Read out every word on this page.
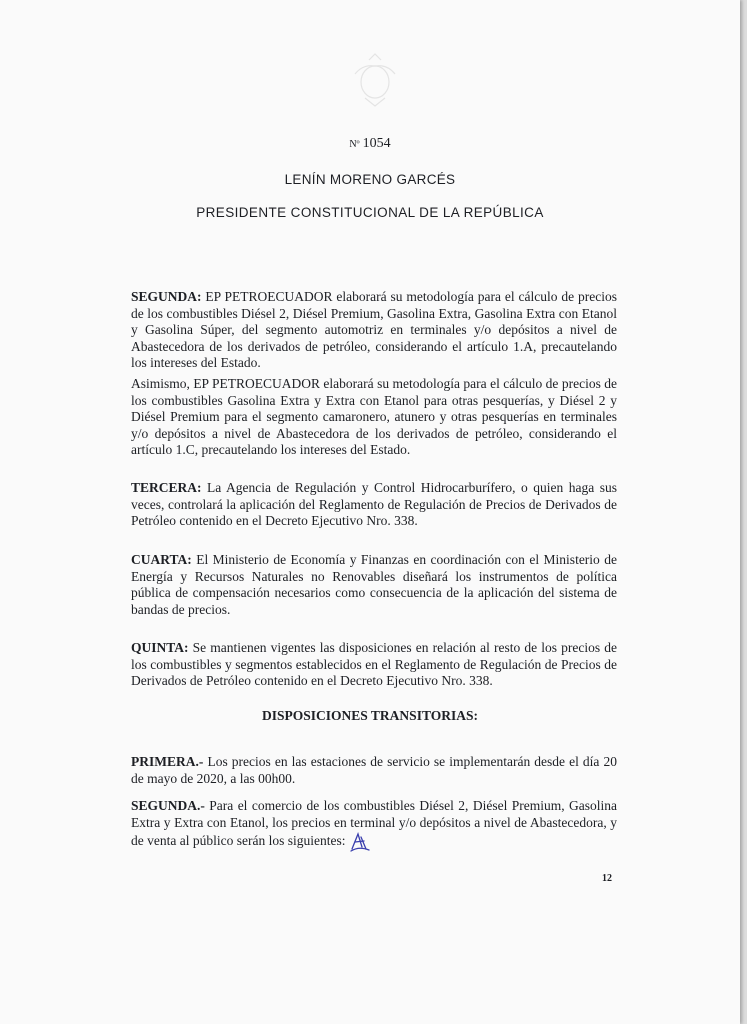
Nº 1054
LENÍN MORENO GARCÉS
PRESIDENTE CONSTITUCIONAL DE LA REPÚBLICA
SEGUNDA: EP PETROECUADOR elaborará su metodología para el cálculo de precios de los combustibles Diésel 2, Diésel Premium, Gasolina Extra, Gasolina Extra con Etanol y Gasolina Súper, del segmento automotriz en terminales y/o depósitos a nivel de Abastecedora de los derivados de petróleo, considerando el artículo 1.A, precautelando los intereses del Estado.
Asimismo, EP PETROECUADOR elaborará su metodología para el cálculo de precios de los combustibles Gasolina Extra y Extra con Etanol para otras pesquerías, y Diésel 2 y Diésel Premium para el segmento camaronero, atunero y otras pesquerías en terminales y/o depósitos a nivel de Abastecedora de los derivados de petróleo, considerando el artículo 1.C, precautelando los intereses del Estado.
TERCERA: La Agencia de Regulación y Control Hidrocarburífero, o quien haga sus veces, controlará la aplicación del Reglamento de Regulación de Precios de Derivados de Petróleo contenido en el Decreto Ejecutivo Nro. 338.
CUARTA: El Ministerio de Economía y Finanzas en coordinación con el Ministerio de Energía y Recursos Naturales no Renovables diseñará los instrumentos de política pública de compensación necesarios como consecuencia de la aplicación del sistema de bandas de precios.
QUINTA: Se mantienen vigentes las disposiciones en relación al resto de los precios de los combustibles y segmentos establecidos en el Reglamento de Regulación de Precios de Derivados de Petróleo contenido en el Decreto Ejecutivo Nro. 338.
DISPOSICIONES TRANSITORIAS:
PRIMERA.- Los precios en las estaciones de servicio se implementarán desde el día 20 de mayo de 2020, a las 00h00.
SEGUNDA.- Para el comercio de los combustibles Diésel 2, Diésel Premium, Gasolina Extra y Extra con Etanol, los precios en terminal y/o depósitos a nivel de Abastecedora, y de venta al público serán los siguientes:
12
